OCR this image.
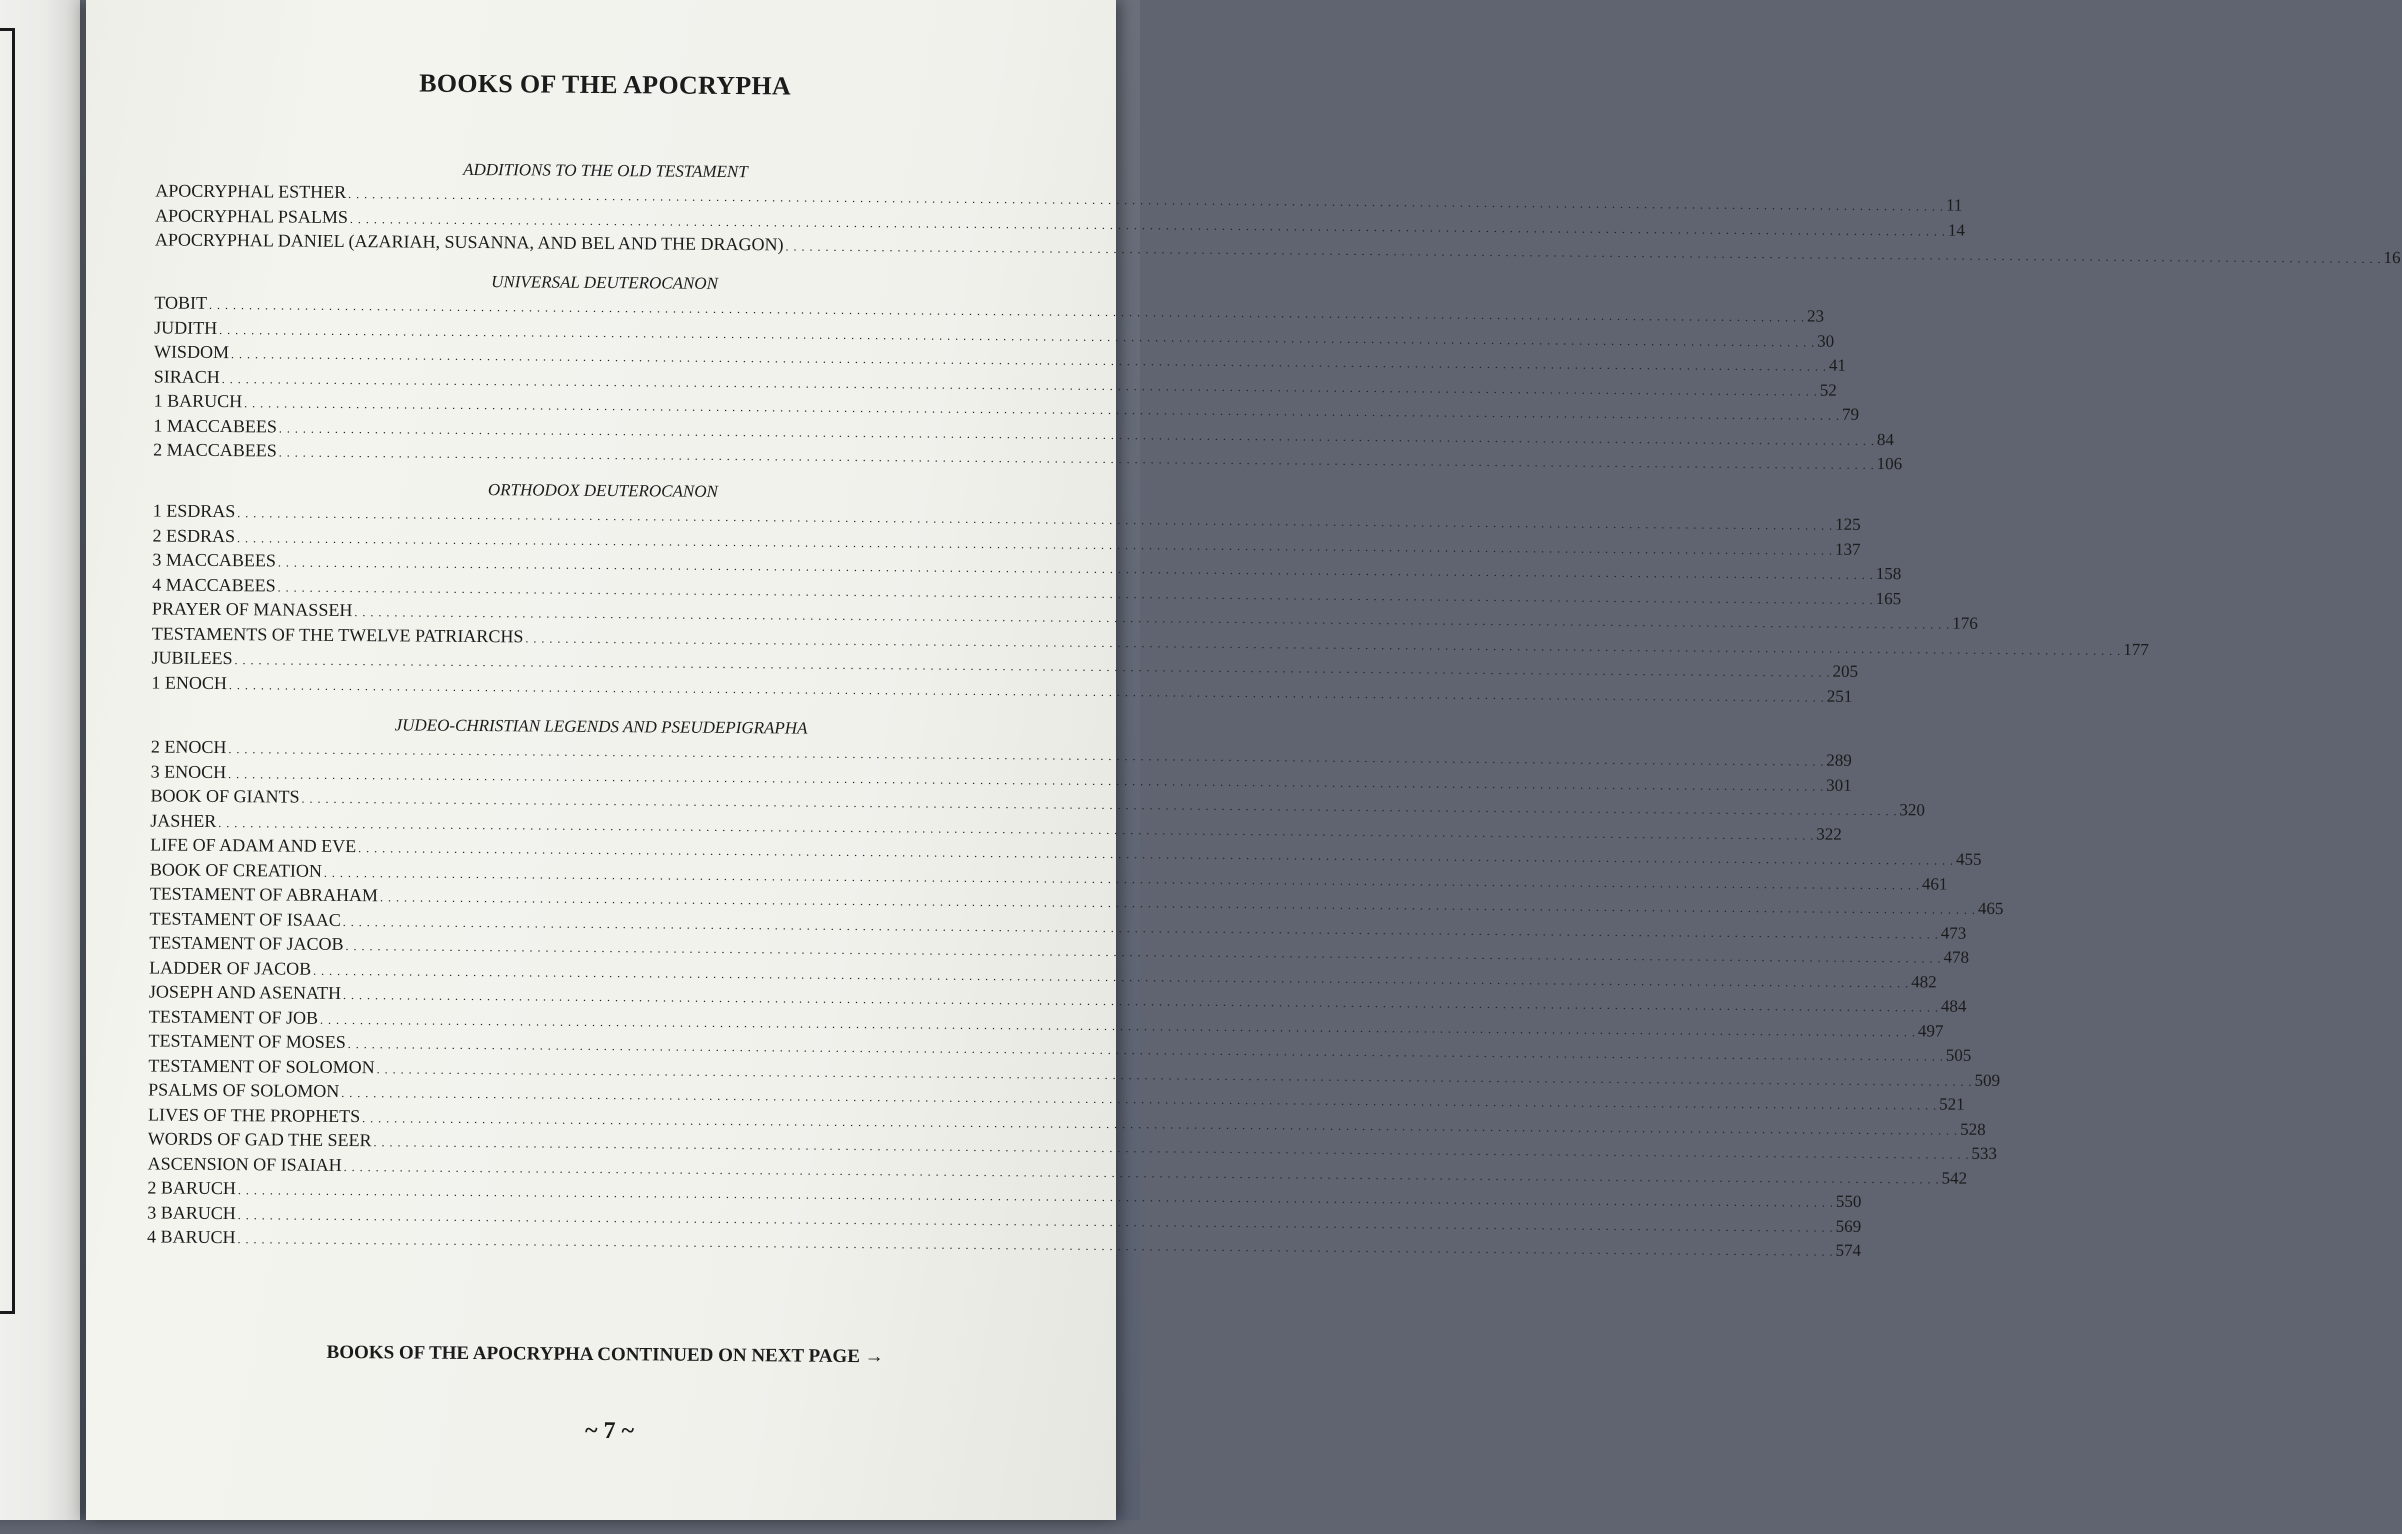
BOOKS OF THE APOCRYPHA
ADDITIONS TO THE OLD TESTAMENT
APOCRYPHAL ESTHER . . . . . . . . . . . . . . . . . . . . . . . . . . . . . . . . . . . . . . . . . . . . . . . . . . . . . . . . . . . . . . . . . . . . . . . . . . . . . . . . . . . . . . . . . . . . . . . . . . . . . . . . . . . . . . . . . . . . . . . . . . . . . . . . . . . . . . . . . . . . . . . . . . . . . . . . . . . . . . . . . . . . . . . . . . . . . . . . . . . . . . . . . . . . . . . . . . . . . . . . 11
APOCRYPHAL PSALMS . . . . . . . . . . . . . . . . . . . . . . . . . . . . . . . . . . . . . . . . . . . . . . . . . . . . . . . . . . . . . . . . . . . . . . . . . . . . . . . . . . . . . . . . . . . . . . . . . . . . . . . . . . . . . . . . . . . . . . . . . . . . . . . . . . . . . . . . . . . . . . . . . . . . . . . . . . . . . . . . . . . . . . . . . . . . . . . . . . . . . . . . . . . . . . . . . . . . . . . . 14
APOCRYPHAL DANIEL (AZARIAH, SUSANNA, AND BEL AND THE DRAGON) . . . . . . . . . . . . . . . . . . . . . . . . . . . . . . . . . . . . . . . . . . . . . . . . . . . . . . . . . . . . . . . . . . . . . . . . . . . . . . . . . . . . . . . . . . . . . . . . . . . . . . . . . . . . . . . . . . . . . . . . . . . . . . . . . . . . . . . . . . . . . . . . . . . . . . . . . . . . . . . . . . . . . . . . . . . . . . . . . . . . . . . . . . . . . . . . . . . . . . . . 16
UNIVERSAL DEUTEROCANON
TOBIT . . . . . . . . . . . . . . . . . . . . . . . . . . . . . . . . . . . . . . . . . . . . . . . . . . . . . . . . . . . . . . . . . . . . . . . . . . . . . . . . . . . . . . . . . . . . . . . . . . . . . . . . . . . . . . . . . . . . . . . . . . . . . . . . . . . . . . . . . . . . . . . . . . . . . . . . . . . . . . . . . . . . . . . . . . . . . . . . . . . . . . . . . . . . . . . . . . . . . . . . 23
JUDITH . . . . . . . . . . . . . . . . . . . . . . . . . . . . . . . . . . . . . . . . . . . . . . . . . . . . . . . . . . . . . . . . . . . . . . . . . . . . . . . . . . . . . . . . . . . . . . . . . . . . . . . . . . . . . . . . . . . . . . . . . . . . . . . . . . . . . . . . . . . . . . . . . . . . . . . . . . . . . . . . . . . . . . . . . . . . . . . . . . . . . . . . . . . . . . . . . . . . . . . . 30
WISDOM . . . . . . . . . . . . . . . . . . . . . . . . . . . . . . . . . . . . . . . . . . . . . . . . . . . . . . . . . . . . . . . . . . . . . . . . . . . . . . . . . . . . . . . . . . . . . . . . . . . . . . . . . . . . . . . . . . . . . . . . . . . . . . . . . . . . . . . . . . . . . . . . . . . . . . . . . . . . . . . . . . . . . . . . . . . . . . . . . . . . . . . . . . . . . . . . . . . . . . . . 41
SIRACH . . . . . . . . . . . . . . . . . . . . . . . . . . . . . . . . . . . . . . . . . . . . . . . . . . . . . . . . . . . . . . . . . . . . . . . . . . . . . . . . . . . . . . . . . . . . . . . . . . . . . . . . . . . . . . . . . . . . . . . . . . . . . . . . . . . . . . . . . . . . . . . . . . . . . . . . . . . . . . . . . . . . . . . . . . . . . . . . . . . . . . . . . . . . . . . . . . . . . . . . 52
1 BARUCH . . . . . . . . . . . . . . . . . . . . . . . . . . . . . . . . . . . . . . . . . . . . . . . . . . . . . . . . . . . . . . . . . . . . . . . . . . . . . . . . . . . . . . . . . . . . . . . . . . . . . . . . . . . . . . . . . . . . . . . . . . . . . . . . . . . . . . . . . . . . . . . . . . . . . . . . . . . . . . . . . . . . . . . . . . . . . . . . . . . . . . . . . . . . . . . . . . . . . . . . 79
1 MACCABEES . . . . . . . . . . . . . . . . . . . . . . . . . . . . . . . . . . . . . . . . . . . . . . . . . . . . . . . . . . . . . . . . . . . . . . . . . . . . . . . . . . . . . . . . . . . . . . . . . . . . . . . . . . . . . . . . . . . . . . . . . . . . . . . . . . . . . . . . . . . . . . . . . . . . . . . . . . . . . . . . . . . . . . . . . . . . . . . . . . . . . . . . . . . . . . . . . . . . . . . . 84
2 MACCABEES . . . . . . . . . . . . . . . . . . . . . . . . . . . . . . . . . . . . . . . . . . . . . . . . . . . . . . . . . . . . . . . . . . . . . . . . . . . . . . . . . . . . . . . . . . . . . . . . . . . . . . . . . . . . . . . . . . . . . . . . . . . . . . . . . . . . . . . . . . . . . . . . . . . . . . . . . . . . . . . . . . . . . . . . . . . . . . . . . . . . . . . . . . . . . . . . . . . . . . . . 106
ORTHODOX DEUTEROCANON
1 ESDRAS . . . . . . . . . . . . . . . . . . . . . . . . . . . . . . . . . . . . . . . . . . . . . . . . . . . . . . . . . . . . . . . . . . . . . . . . . . . . . . . . . . . . . . . . . . . . . . . . . . . . . . . . . . . . . . . . . . . . . . . . . . . . . . . . . . . . . . . . . . . . . . . . . . . . . . . . . . . . . . . . . . . . . . . . . . . . . . . . . . . . . . . . . . . . . . . . . . . . . . . . 125
2 ESDRAS . . . . . . . . . . . . . . . . . . . . . . . . . . . . . . . . . . . . . . . . . . . . . . . . . . . . . . . . . . . . . . . . . . . . . . . . . . . . . . . . . . . . . . . . . . . . . . . . . . . . . . . . . . . . . . . . . . . . . . . . . . . . . . . . . . . . . . . . . . . . . . . . . . . . . . . . . . . . . . . . . . . . . . . . . . . . . . . . . . . . . . . . . . . . . . . . . . . . . . . . 137
3 MACCABEES . . . . . . . . . . . . . . . . . . . . . . . . . . . . . . . . . . . . . . . . . . . . . . . . . . . . . . . . . . . . . . . . . . . . . . . . . . . . . . . . . . . . . . . . . . . . . . . . . . . . . . . . . . . . . . . . . . . . . . . . . . . . . . . . . . . . . . . . . . . . . . . . . . . . . . . . . . . . . . . . . . . . . . . . . . . . . . . . . . . . . . . . . . . . . . . . . . . . . . . . 158
4 MACCABEES . . . . . . . . . . . . . . . . . . . . . . . . . . . . . . . . . . . . . . . . . . . . . . . . . . . . . . . . . . . . . . . . . . . . . . . . . . . . . . . . . . . . . . . . . . . . . . . . . . . . . . . . . . . . . . . . . . . . . . . . . . . . . . . . . . . . . . . . . . . . . . . . . . . . . . . . . . . . . . . . . . . . . . . . . . . . . . . . . . . . . . . . . . . . . . . . . . . . . . . . 165
PRAYER OF MANASSEH . . . . . . . . . . . . . . . . . . . . . . . . . . . . . . . . . . . . . . . . . . . . . . . . . . . . . . . . . . . . . . . . . . . . . . . . . . . . . . . . . . . . . . . . . . . . . . . . . . . . . . . . . . . . . . . . . . . . . . . . . . . . . . . . . . . . . . . . . . . . . . . . . . . . . . . . . . . . . . . . . . . . . . . . . . . . . . . . . . . . . . . . . . . . . . . . . . . . . . . . 176
TESTAMENTS OF THE TWELVE PATRIARCHS . . . . . . . . . . . . . . . . . . . . . . . . . . . . . . . . . . . . . . . . . . . . . . . . . . . . . . . . . . . . . . . . . . . . . . . . . . . . . . . . . . . . . . . . . . . . . . . . . . . . . . . . . . . . . . . . . . . . . . . . . . . . . . . . . . . . . . . . . . . . . . . . . . . . . . . . . . . . . . . . . . . . . . . . . . . . . . . . . . . . . . . . . . . . . . . . . . . . . . . . 177
JUBILEES . . . . . . . . . . . . . . . . . . . . . . . . . . . . . . . . . . . . . . . . . . . . . . . . . . . . . . . . . . . . . . . . . . . . . . . . . . . . . . . . . . . . . . . . . . . . . . . . . . . . . . . . . . . . . . . . . . . . . . . . . . . . . . . . . . . . . . . . . . . . . . . . . . . . . . . . . . . . . . . . . . . . . . . . . . . . . . . . . . . . . . . . . . . . . . . . . . . . . . . . 205
1 ENOCH . . . . . . . . . . . . . . . . . . . . . . . . . . . . . . . . . . . . . . . . . . . . . . . . . . . . . . . . . . . . . . . . . . . . . . . . . . . . . . . . . . . . . . . . . . . . . . . . . . . . . . . . . . . . . . . . . . . . . . . . . . . . . . . . . . . . . . . . . . . . . . . . . . . . . . . . . . . . . . . . . . . . . . . . . . . . . . . . . . . . . . . . . . . . . . . . . . . . . . . . 251
JUDEO-CHRISTIAN LEGENDS AND PSEUDEPIGRAPHA
2 ENOCH . . . . . . . . . . . . . . . . . . . . . . . . . . . . . . . . . . . . . . . . . . . . . . . . . . . . . . . . . . . . . . . . . . . . . . . . . . . . . . . . . . . . . . . . . . . . . . . . . . . . . . . . . . . . . . . . . . . . . . . . . . . . . . . . . . . . . . . . . . . . . . . . . . . . . . . . . . . . . . . . . . . . . . . . . . . . . . . . . . . . . . . . . . . . . . . . . . . . . . . . 289
3 ENOCH . . . . . . . . . . . . . . . . . . . . . . . . . . . . . . . . . . . . . . . . . . . . . . . . . . . . . . . . . . . . . . . . . . . . . . . . . . . . . . . . . . . . . . . . . . . . . . . . . . . . . . . . . . . . . . . . . . . . . . . . . . . . . . . . . . . . . . . . . . . . . . . . . . . . . . . . . . . . . . . . . . . . . . . . . . . . . . . . . . . . . . . . . . . . . . . . . . . . . . . . 301
BOOK OF GIANTS . . . . . . . . . . . . . . . . . . . . . . . . . . . . . . . . . . . . . . . . . . . . . . . . . . . . . . . . . . . . . . . . . . . . . . . . . . . . . . . . . . . . . . . . . . . . . . . . . . . . . . . . . . . . . . . . . . . . . . . . . . . . . . . . . . . . . . . . . . . . . . . . . . . . . . . . . . . . . . . . . . . . . . . . . . . . . . . . . . . . . . . . . . . . . . . . . . . . . . . . 320
JASHER . . . . . . . . . . . . . . . . . . . . . . . . . . . . . . . . . . . . . . . . . . . . . . . . . . . . . . . . . . . . . . . . . . . . . . . . . . . . . . . . . . . . . . . . . . . . . . . . . . . . . . . . . . . . . . . . . . . . . . . . . . . . . . . . . . . . . . . . . . . . . . . . . . . . . . . . . . . . . . . . . . . . . . . . . . . . . . . . . . . . . . . . . . . . . . . . . . . . . . . . 322
LIFE OF ADAM AND EVE . . . . . . . . . . . . . . . . . . . . . . . . . . . . . . . . . . . . . . . . . . . . . . . . . . . . . . . . . . . . . . . . . . . . . . . . . . . . . . . . . . . . . . . . . . . . . . . . . . . . . . . . . . . . . . . . . . . . . . . . . . . . . . . . . . . . . . . . . . . . . . . . . . . . . . . . . . . . . . . . . . . . . . . . . . . . . . . . . . . . . . . . . . . . . . . . . . . . . . . . 455
BOOK OF CREATION . . . . . . . . . . . . . . . . . . . . . . . . . . . . . . . . . . . . . . . . . . . . . . . . . . . . . . . . . . . . . . . . . . . . . . . . . . . . . . . . . . . . . . . . . . . . . . . . . . . . . . . . . . . . . . . . . . . . . . . . . . . . . . . . . . . . . . . . . . . . . . . . . . . . . . . . . . . . . . . . . . . . . . . . . . . . . . . . . . . . . . . . . . . . . . . . . . . . . . . . 461
TESTAMENT OF ABRAHAM . . . . . . . . . . . . . . . . . . . . . . . . . . . . . . . . . . . . . . . . . . . . . . . . . . . . . . . . . . . . . . . . . . . . . . . . . . . . . . . . . . . . . . . . . . . . . . . . . . . . . . . . . . . . . . . . . . . . . . . . . . . . . . . . . . . . . . . . . . . . . . . . . . . . . . . . . . . . . . . . . . . . . . . . . . . . . . . . . . . . . . . . . . . . . . . . . . . . . . . . 465
TESTAMENT OF ISAAC . . . . . . . . . . . . . . . . . . . . . . . . . . . . . . . . . . . . . . . . . . . . . . . . . . . . . . . . . . . . . . . . . . . . . . . . . . . . . . . . . . . . . . . . . . . . . . . . . . . . . . . . . . . . . . . . . . . . . . . . . . . . . . . . . . . . . . . . . . . . . . . . . . . . . . . . . . . . . . . . . . . . . . . . . . . . . . . . . . . . . . . . . . . . . . . . . . . . . . . . 473
TESTAMENT OF JACOB . . . . . . . . . . . . . . . . . . . . . . . . . . . . . . . . . . . . . . . . . . . . . . . . . . . . . . . . . . . . . . . . . . . . . . . . . . . . . . . . . . . . . . . . . . . . . . . . . . . . . . . . . . . . . . . . . . . . . . . . . . . . . . . . . . . . . . . . . . . . . . . . . . . . . . . . . . . . . . . . . . . . . . . . . . . . . . . . . . . . . . . . . . . . . . . . . . . . . . . . 478
LADDER OF JACOB . . . . . . . . . . . . . . . . . . . . . . . . . . . . . . . . . . . . . . . . . . . . . . . . . . . . . . . . . . . . . . . . . . . . . . . . . . . . . . . . . . . . . . . . . . . . . . . . . . . . . . . . . . . . . . . . . . . . . . . . . . . . . . . . . . . . . . . . . . . . . . . . . . . . . . . . . . . . . . . . . . . . . . . . . . . . . . . . . . . . . . . . . . . . . . . . . . . . . . . . 482
JOSEPH AND ASENATH . . . . . . . . . . . . . . . . . . . . . . . . . . . . . . . . . . . . . . . . . . . . . . . . . . . . . . . . . . . . . . . . . . . . . . . . . . . . . . . . . . . . . . . . . . . . . . . . . . . . . . . . . . . . . . . . . . . . . . . . . . . . . . . . . . . . . . . . . . . . . . . . . . . . . . . . . . . . . . . . . . . . . . . . . . . . . . . . . . . . . . . . . . . . . . . . . . . . . . . . 484
TESTAMENT OF JOB . . . . . . . . . . . . . . . . . . . . . . . . . . . . . . . . . . . . . . . . . . . . . . . . . . . . . . . . . . . . . . . . . . . . . . . . . . . . . . . . . . . . . . . . . . . . . . . . . . . . . . . . . . . . . . . . . . . . . . . . . . . . . . . . . . . . . . . . . . . . . . . . . . . . . . . . . . . . . . . . . . . . . . . . . . . . . . . . . . . . . . . . . . . . . . . . . . . . . . . . 497
TESTAMENT OF MOSES . . . . . . . . . . . . . . . . . . . . . . . . . . . . . . . . . . . . . . . . . . . . . . . . . . . . . . . . . . . . . . . . . . . . . . . . . . . . . . . . . . . . . . . . . . . . . . . . . . . . . . . . . . . . . . . . . . . . . . . . . . . . . . . . . . . . . . . . . . . . . . . . . . . . . . . . . . . . . . . . . . . . . . . . . . . . . . . . . . . . . . . . . . . . . . . . . . . . . . . . 505
TESTAMENT OF SOLOMON . . . . . . . . . . . . . . . . . . . . . . . . . . . . . . . . . . . . . . . . . . . . . . . . . . . . . . . . . . . . . . . . . . . . . . . . . . . . . . . . . . . . . . . . . . . . . . . . . . . . . . . . . . . . . . . . . . . . . . . . . . . . . . . . . . . . . . . . . . . . . . . . . . . . . . . . . . . . . . . . . . . . . . . . . . . . . . . . . . . . . . . . . . . . . . . . . . . . . . . . 509
PSALMS OF SOLOMON . . . . . . . . . . . . . . . . . . . . . . . . . . . . . . . . . . . . . . . . . . . . . . . . . . . . . . . . . . . . . . . . . . . . . . . . . . . . . . . . . . . . . . . . . . . . . . . . . . . . . . . . . . . . . . . . . . . . . . . . . . . . . . . . . . . . . . . . . . . . . . . . . . . . . . . . . . . . . . . . . . . . . . . . . . . . . . . . . . . . . . . . . . . . . . . . . . . . . . . . 521
LIVES OF THE PROPHETS . . . . . . . . . . . . . . . . . . . . . . . . . . . . . . . . . . . . . . . . . . . . . . . . . . . . . . . . . . . . . . . . . . . . . . . . . . . . . . . . . . . . . . . . . . . . . . . . . . . . . . . . . . . . . . . . . . . . . . . . . . . . . . . . . . . . . . . . . . . . . . . . . . . . . . . . . . . . . . . . . . . . . . . . . . . . . . . . . . . . . . . . . . . . . . . . . . . . . . . . 528
WORDS OF GAD THE SEER . . . . . . . . . . . . . . . . . . . . . . . . . . . . . . . . . . . . . . . . . . . . . . . . . . . . . . . . . . . . . . . . . . . . . . . . . . . . . . . . . . . . . . . . . . . . . . . . . . . . . . . . . . . . . . . . . . . . . . . . . . . . . . . . . . . . . . . . . . . . . . . . . . . . . . . . . . . . . . . . . . . . . . . . . . . . . . . . . . . . . . . . . . . . . . . . . . . . . . . . 533
ASCENSION OF ISAIAH . . . . . . . . . . . . . . . . . . . . . . . . . . . . . . . . . . . . . . . . . . . . . . . . . . . . . . . . . . . . . . . . . . . . . . . . . . . . . . . . . . . . . . . . . . . . . . . . . . . . . . . . . . . . . . . . . . . . . . . . . . . . . . . . . . . . . . . . . . . . . . . . . . . . . . . . . . . . . . . . . . . . . . . . . . . . . . . . . . . . . . . . . . . . . . . . . . . . . . . . 542
2 BARUCH . . . . . . . . . . . . . . . . . . . . . . . . . . . . . . . . . . . . . . . . . . . . . . . . . . . . . . . . . . . . . . . . . . . . . . . . . . . . . . . . . . . . . . . . . . . . . . . . . . . . . . . . . . . . . . . . . . . . . . . . . . . . . . . . . . . . . . . . . . . . . . . . . . . . . . . . . . . . . . . . . . . . . . . . . . . . . . . . . . . . . . . . . . . . . . . . . . . . . . . . 550
3 BARUCH . . . . . . . . . . . . . . . . . . . . . . . . . . . . . . . . . . . . . . . . . . . . . . . . . . . . . . . . . . . . . . . . . . . . . . . . . . . . . . . . . . . . . . . . . . . . . . . . . . . . . . . . . . . . . . . . . . . . . . . . . . . . . . . . . . . . . . . . . . . . . . . . . . . . . . . . . . . . . . . . . . . . . . . . . . . . . . . . . . . . . . . . . . . . . . . . . . . . . . . . 569
4 BARUCH . . . . . . . . . . . . . . . . . . . . . . . . . . . . . . . . . . . . . . . . . . . . . . . . . . . . . . . . . . . . . . . . . . . . . . . . . . . . . . . . . . . . . . . . . . . . . . . . . . . . . . . . . . . . . . . . . . . . . . . . . . . . . . . . . . . . . . . . . . . . . . . . . . . . . . . . . . . . . . . . . . . . . . . . . . . . . . . . . . . . . . . . . . . . . . . . . . . . . . . . 574
BOOKS OF THE APOCRYPHA CONTINUED ON NEXT PAGE →
~ 7 ~
